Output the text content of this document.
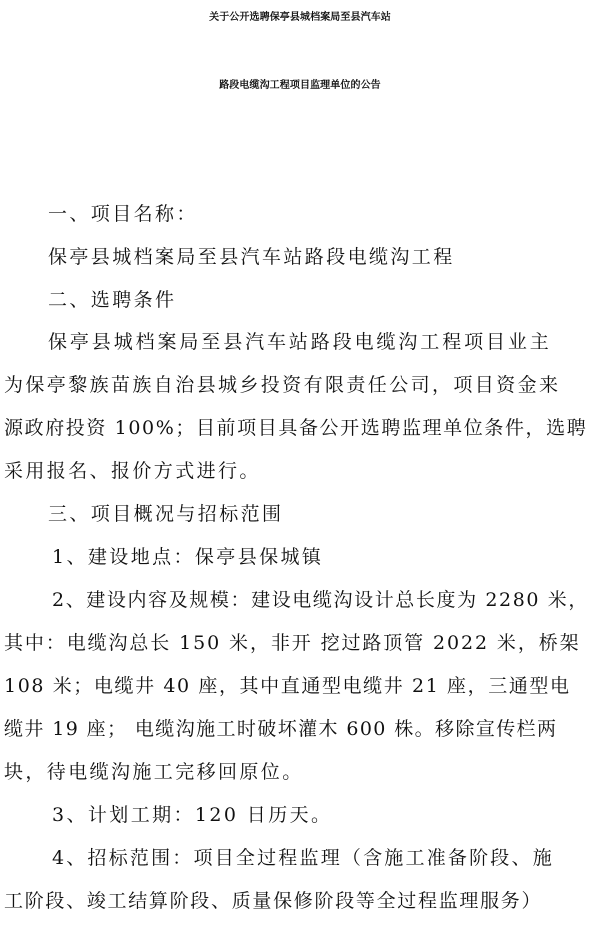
关于公开选聘保亭县城档案局至县汽车站
路段电缆沟工程项目监理单位的公告

一、项目名称：

保亭县城档案局至县汽车站路段电缆沟工程

二、选聘条件

保亭县城档案局至县汽车站路段电缆沟工程项目业主

为保亭黎族苗族自治县城乡投资有限责任公司，项目资金来

源政府投资 100%；目前项目具备公开选聘监理单位条件，选聘

采用报名、报价方式进行。

三、项目概况与招标范围

1、建设地点：保亭县保城镇

2、建设内容及规模：建设电缆沟设计总长度为 2280 米，

其中：电缆沟总长 150 米，非开 挖过路顶管 2022 米，桥架

108 米；电缆井 40 座，其中直通型电缆井 21 座，三通型电

缆井 19 座； 电缆沟施工时破坏灌木 600 株。移除宣传栏两

块，待电缆沟施工完移回原位。

3、计划工期：120 日历天。

4、招标范围：项目全过程监理（含施工准备阶段、施

工阶段、竣工结算阶段、质量保修阶段等全过程监理服务）
